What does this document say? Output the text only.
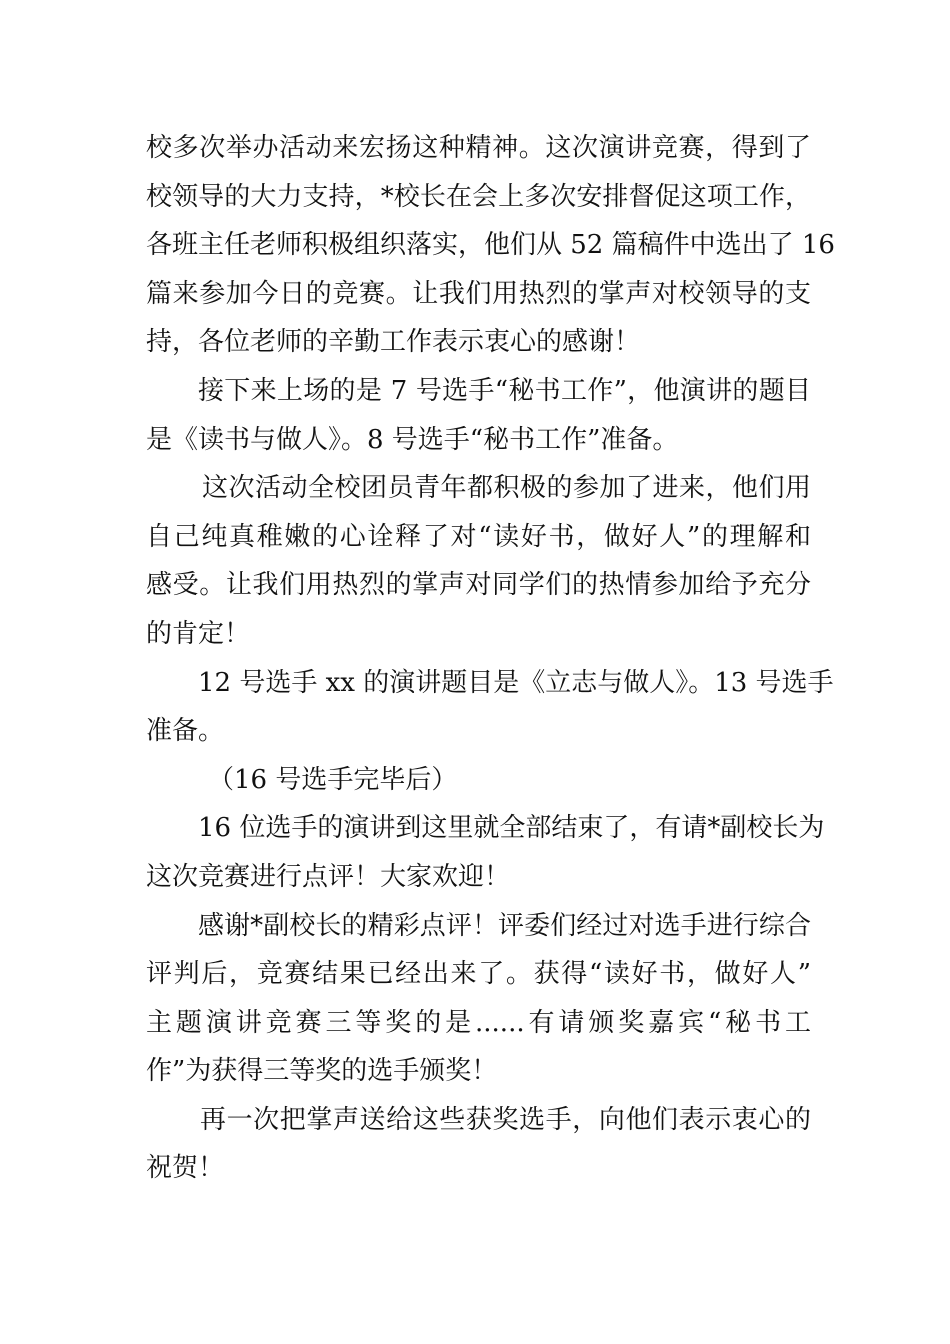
校多次举办活动来宏扬这种精神。这次演讲竞赛，得到了
校领导的大力支持，*校长在会上多次安排督促这项工作，
各班主任老师积极组织落实，他们从 52 篇稿件中选出了 16
篇来参加今日的竞赛。让我们用热烈的掌声对校领导的支
持，各位老师的辛勤工作表示衷心的感谢！
接下来上场的是 7 号选手“秘书工作”，他演讲的题目
是《读书与做人》。8 号选手“秘书工作”准备。
这次活动全校团员青年都积极的参加了进来，他们用
自己纯真稚嫩的心诠释了对“读好书，做好人”的理解和
感受。让我们用热烈的掌声对同学们的热情参加给予充分
的肯定！
12 号选手 xx 的演讲题目是《立志与做人》。13 号选手
准备。
（16 号选手完毕后）
16 位选手的演讲到这里就全部结束了，有请*副校长为
这次竞赛进行点评！大家欢迎！
感谢*副校长的精彩点评！评委们经过对选手进行综合
评判后，竞赛结果已经出来了。获得“读好书，做好人”
主题演讲竞赛三等奖的是......有请颁奖嘉宾“秘书工
作”为获得三等奖的选手颁奖！
再一次把掌声送给这些获奖选手，向他们表示衷心的
祝贺！
